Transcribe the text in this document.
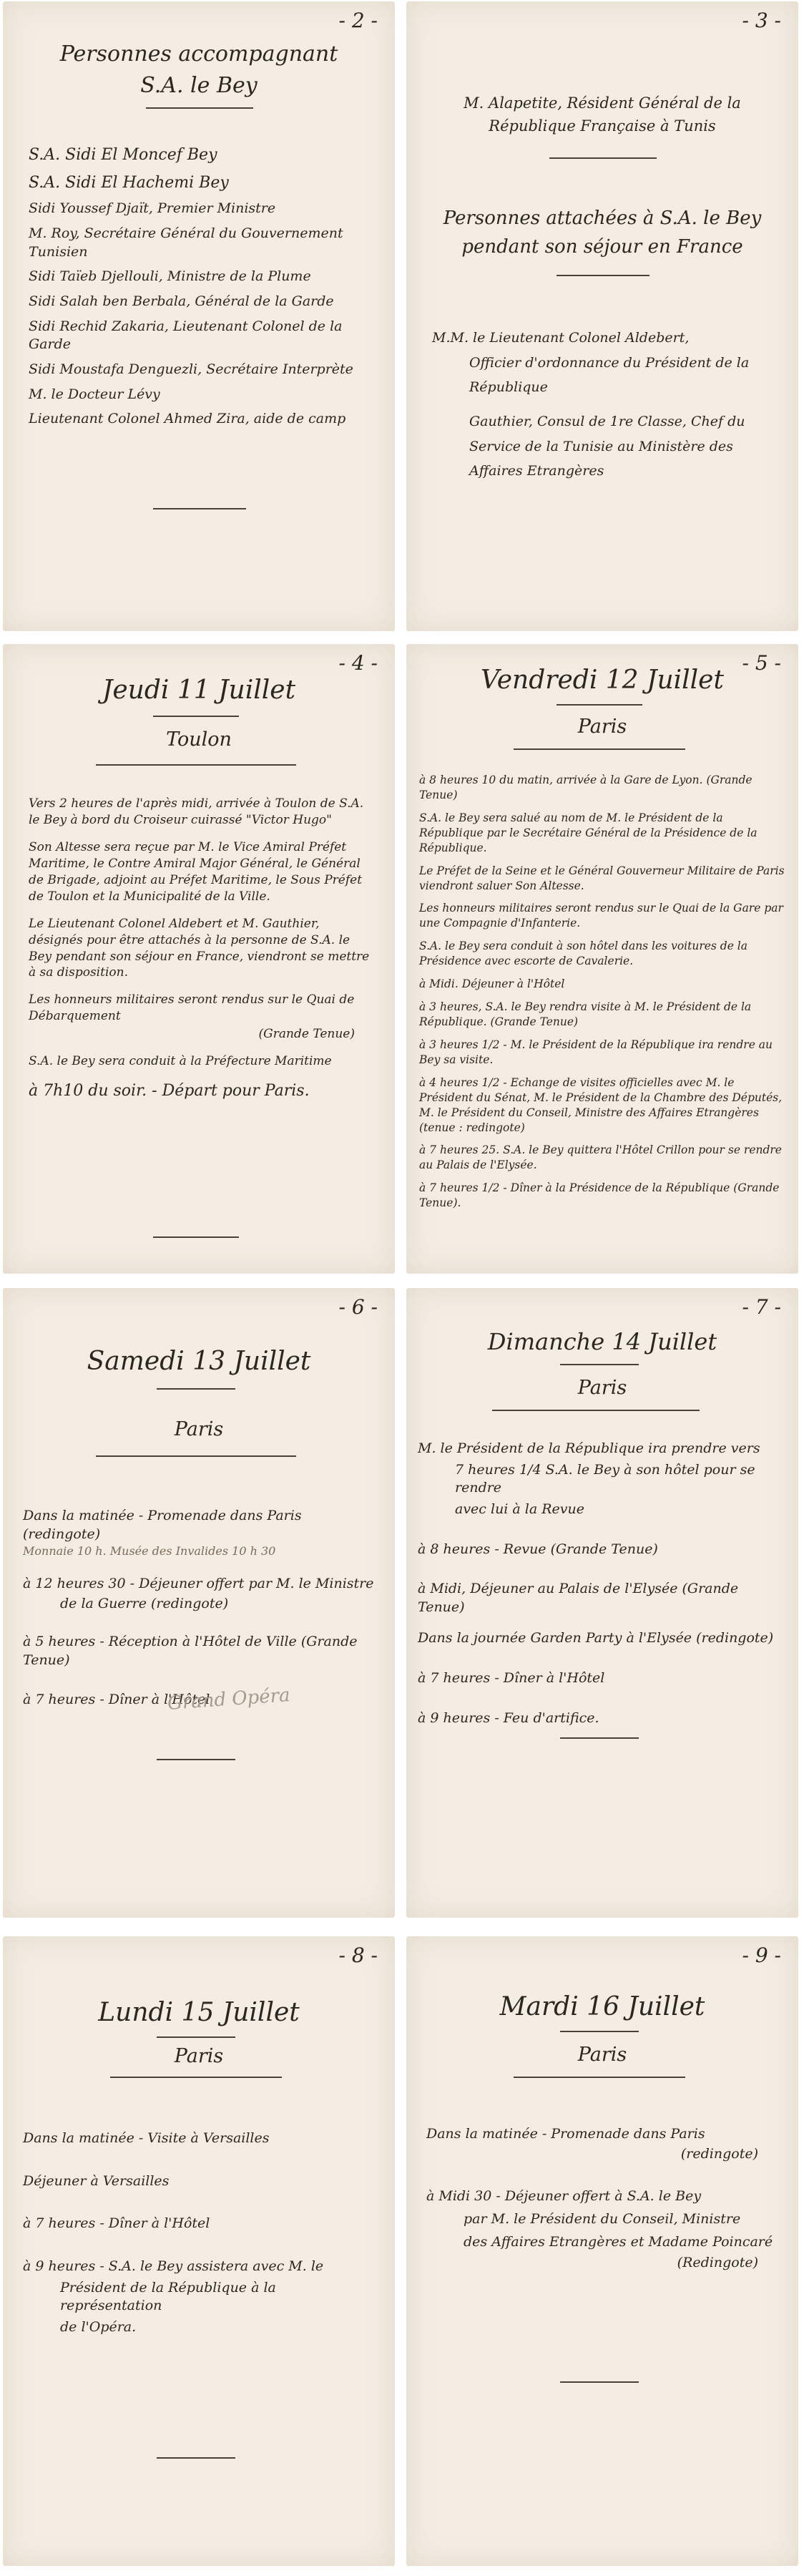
- 2 -
Personnes accompagnant
S.A. le Bey
S.A. Sidi El Moncef Bey
S.A. Sidi El Hachemi Bey
Sidi Youssef Djaït, Premier Ministre
M. Roy, Secrétaire Général du Gouvernement Tunisien
Sidi Taïeb Djellouli, Ministre de la Plume
Sidi Salah ben Berbala, Général de la Garde
Sidi Rechid Zakaria, Lieutenant Colonel de la Garde
Sidi Moustafa Denguezli, Secrétaire Interprète
M. le Docteur Lévy
Lieutenant Colonel Ahmed Zira, aide de camp
- 3 -
M. Alapetite, Résident Général de la
République Française à Tunis
Personnes attachées à S.A. le Bey
pendant son séjour en France
M.M. le Lieutenant Colonel Aldebert,
Officier d'ordonnance du Président de la
République
Gauthier, Consul de 1re Classe, Chef du
Service de la Tunisie au Ministère des
Affaires Etrangères
- 4 -
Jeudi 11 Juillet
Toulon
Vers 2 heures de l'après midi, arrivée à Toulon de S.A. le Bey à bord du Croiseur cuirassé "Victor Hugo"
Son Altesse sera reçue par M. le Vice Amiral Préfet Maritime, le Contre Amiral Major Général, le Général de Brigade, adjoint au Préfet Maritime, le Sous Préfet de Toulon et la Municipalité de la Ville.
Le Lieutenant Colonel Aldebert et M. Gauthier, désignés pour être attachés à la personne de S.A. le Bey pendant son séjour en France, viendront se mettre à sa disposition.
Les honneurs militaires seront rendus sur le Quai de Débarquement
(Grande Tenue)
S.A. le Bey sera conduit à la Préfecture Maritime
à 7h10 du soir. - Départ pour Paris.
- 5 -
Vendredi 12 Juillet
Paris
à 8 heures 10 du matin, arrivée à la Gare de Lyon. (Grande Tenue)
S.A. le Bey sera salué au nom de M. le Président de la République par le Secrétaire Général de la Présidence de la République.
Le Préfet de la Seine et le Général Gouverneur Militaire de Paris viendront saluer Son Altesse.
Les honneurs militaires seront rendus sur le Quai de la Gare par une Compagnie d'Infanterie.
S.A. le Bey sera conduit à son hôtel dans les voitures de la Présidence avec escorte de Cavalerie.
à Midi. Déjeuner à l'Hôtel
à 3 heures, S.A. le Bey rendra visite à M. le Président de la République. (Grande Tenue)
à 3 heures 1/2 - M. le Président de la République ira rendre au Bey sa visite.
à 4 heures 1/2 - Echange de visites officielles avec M. le Président du Sénat, M. le Président de la Chambre des Députés, M. le Président du Conseil, Ministre des Affaires Etrangères (tenue : redingote)
à 7 heures 25. S.A. le Bey quittera l'Hôtel Crillon pour se rendre au Palais de l'Elysée.
à 7 heures 1/2 - Dîner à la Présidence de la République (Grande Tenue).
- 6 -
Samedi 13 Juillet
Paris
Dans la matinée - Promenade dans Paris (redingote)
Monnaie 10 h. Musée des Invalides 10 h 30
à 12 heures 30 - Déjeuner offert par M. le Ministre
de la Guerre (redingote)
à 5 heures - Réception à l'Hôtel de Ville (Grande Tenue)
à 7 heures - Dîner à l'Hôtel
Grand Opéra
- 7 -
Dimanche 14 Juillet
Paris
M. le Président de la République ira prendre vers
7 heures 1/4 S.A. le Bey à son hôtel pour se rendre
avec lui à la Revue
à 8 heures - Revue (Grande Tenue)
à Midi, Déjeuner au Palais de l'Elysée (Grande Tenue)
Dans la journée Garden Party à l'Elysée (redingote)
à 7 heures - Dîner à l'Hôtel
à 9 heures - Feu d'artifice.
- 8 -
Lundi 15 Juillet
Paris
Dans la matinée - Visite à Versailles
Déjeuner à Versailles
à 7 heures - Dîner à l'Hôtel
à 9 heures - S.A. le Bey assistera avec M. le
Président de la République à la représentation
de l'Opéra.
- 9 -
Mardi 16 Juillet
Paris
Dans la matinée - Promenade dans Paris
(redingote)
à Midi 30 - Déjeuner offert à S.A. le Bey
par M. le Président du Conseil, Ministre
des Affaires Etrangères et Madame Poincaré
(Redingote)
